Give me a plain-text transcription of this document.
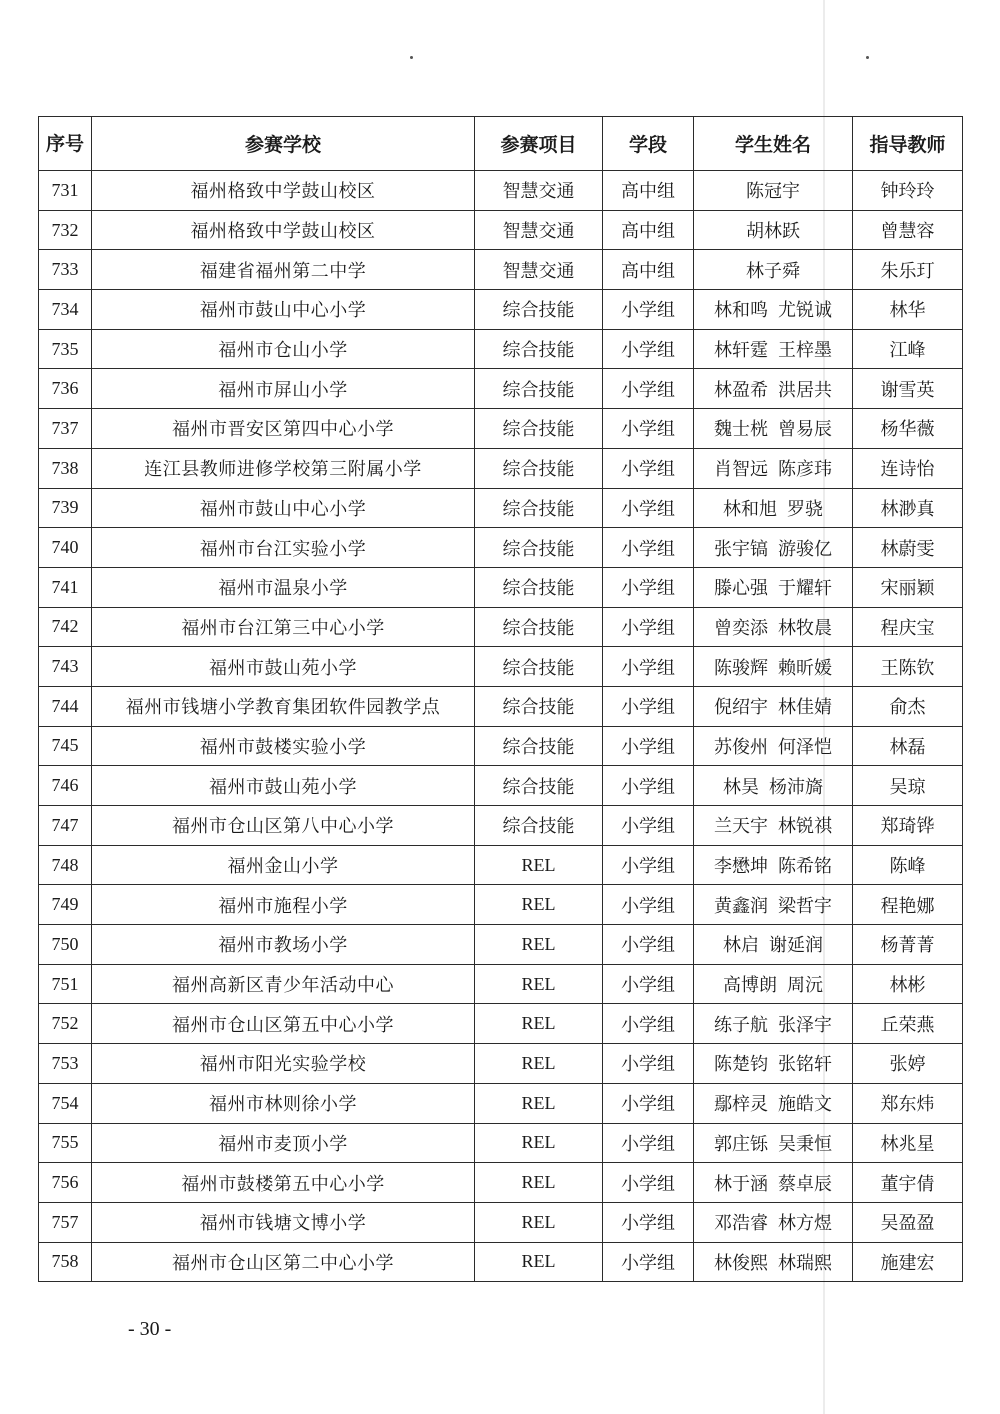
序号	参赛学校	参赛项目	学段	学生姓名	指导教师
731	福州格致中学鼓山校区	智慧交通	高中组	陈冠宇	钟玲玲
732	福州格致中学鼓山校区	智慧交通	高中组	胡林跃	曾慧容
733	福建省福州第二中学	智慧交通	高中组	林子舜	朱乐玎
734	福州市鼓山中心小学	综合技能	小学组	林和鸣 尤锐诚	林华
735	福州市仓山小学	综合技能	小学组	林轩霆 王梓墨	江峰
736	福州市屏山小学	综合技能	小学组	林盈希 洪居共	谢雪英
737	福州市晋安区第四中心小学	综合技能	小学组	魏士桄 曾易辰	杨华薇
738	连江县教师进修学校第三附属小学	综合技能	小学组	肖智远 陈彦玮	连诗怡
739	福州市鼓山中心小学	综合技能	小学组	林和旭 罗骁	林渺真
740	福州市台江实验小学	综合技能	小学组	张宇镐 游骏亿	林蔚雯
741	福州市温泉小学	综合技能	小学组	滕心强 于耀轩	宋丽颖
742	福州市台江第三中心小学	综合技能	小学组	曾奕添 林牧晨	程庆宝
743	福州市鼓山苑小学	综合技能	小学组	陈骏辉 赖昕媛	王陈钦
744	福州市钱塘小学教育集团软件园教学点	综合技能	小学组	倪绍宇 林佳婧	俞杰
745	福州市鼓楼实验小学	综合技能	小学组	苏俊州 何泽恺	林磊
746	福州市鼓山苑小学	综合技能	小学组	林昊 杨沛旖	吴琼
747	福州市仓山区第八中心小学	综合技能	小学组	兰天宇 林锐祺	郑琦铧
748	福州金山小学	REL	小学组	李懋坤 陈希铭	陈峰
749	福州市施程小学	REL	小学组	黄鑫润 梁哲宇	程艳娜
750	福州市教场小学	REL	小学组	林启 谢延润	杨菁菁
751	福州高新区青少年活动中心	REL	小学组	高博朗 周沅	林彬
752	福州市仓山区第五中心小学	REL	小学组	练子航 张泽宇	丘荣燕
753	福州市阳光实验学校	REL	小学组	陈楚钧 张铭轩	张婷
754	福州市林则徐小学	REL	小学组	鄢梓灵 施皓文	郑东炜
755	福州市麦顶小学	REL	小学组	郭庄铄 吴秉恒	林兆星
756	福州市鼓楼第五中心小学	REL	小学组	林于涵 蔡卓辰	董宇倩
757	福州市钱塘文博小学	REL	小学组	邓浩睿 林方煜	吴盈盈
758	福州市仓山区第二中心小学	REL	小学组	林俊熙 林瑞熙	施建宏
- 30 -
